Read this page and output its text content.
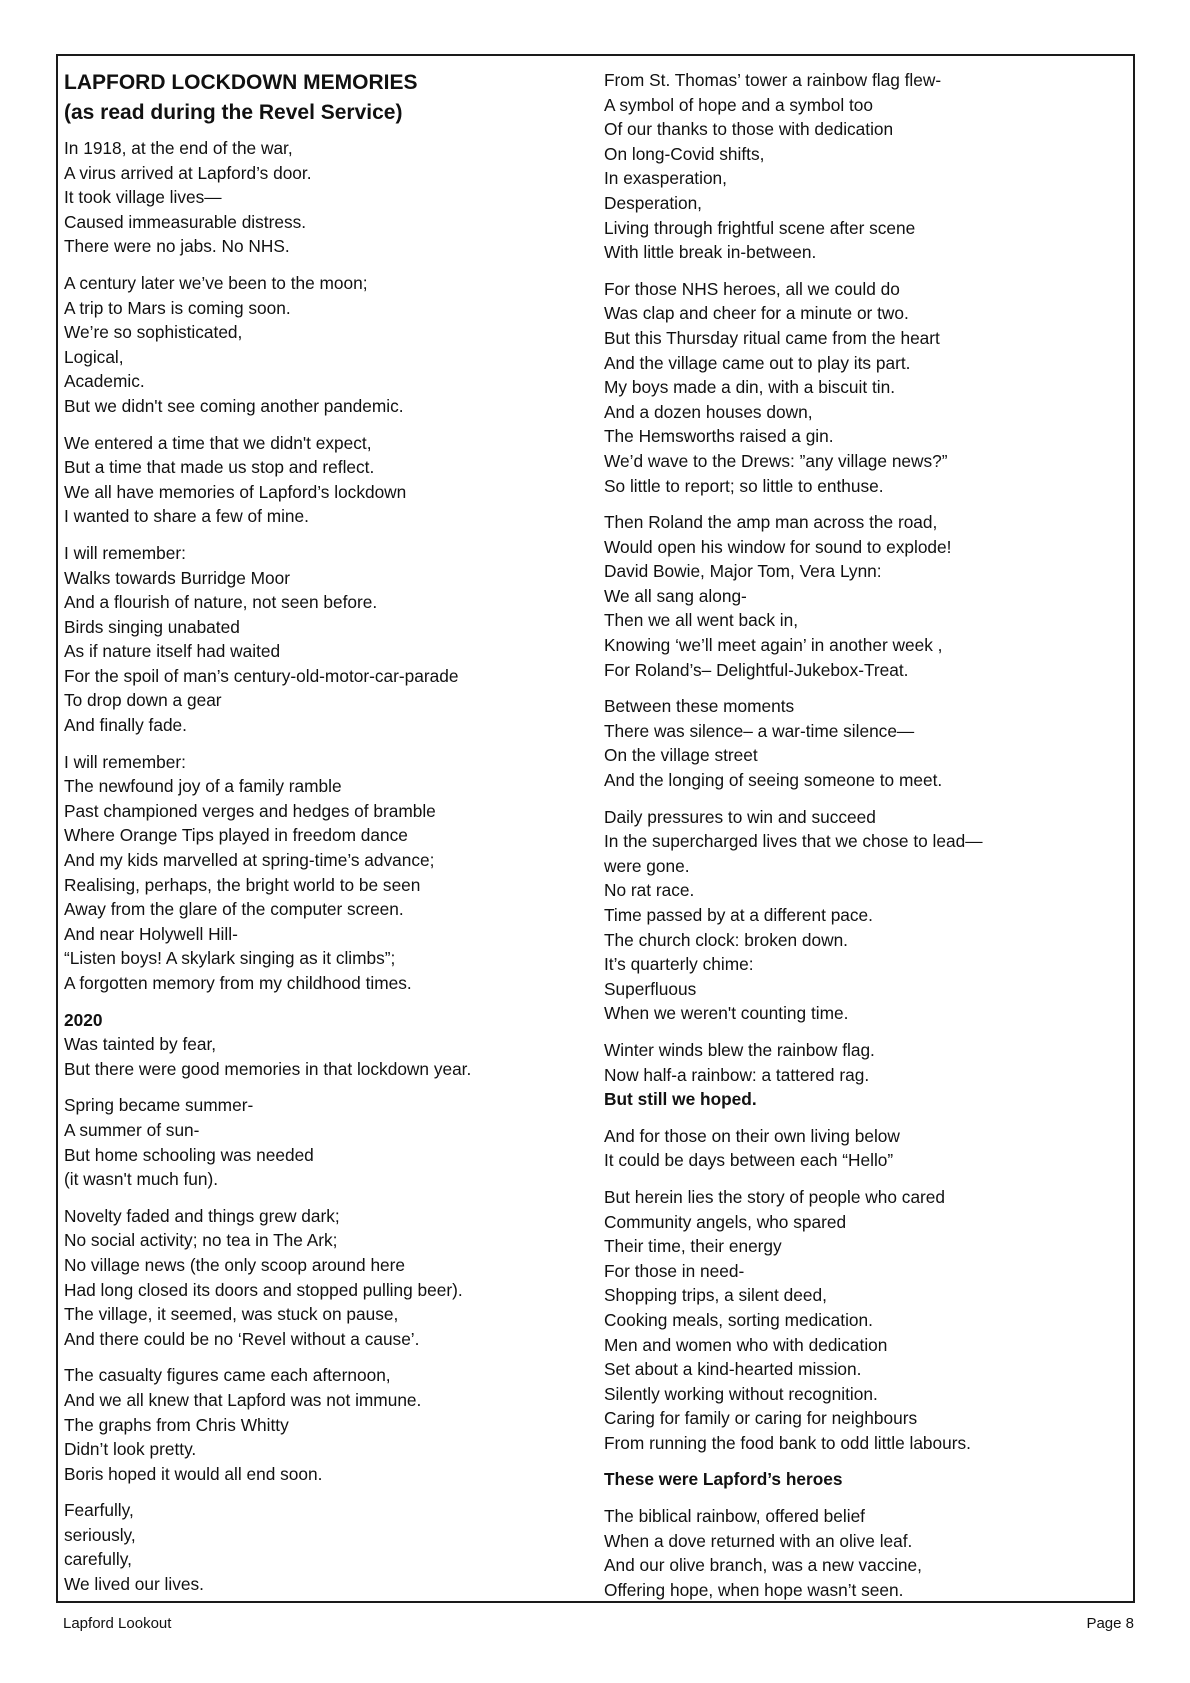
LAPFORD LOCKDOWN MEMORIES
(as read during the Revel Service)
In 1918, at the end of the war,
A virus arrived at Lapford’s door.
It took village lives—
Caused immeasurable distress.
There were no jabs. No NHS.
A century later we’ve been to the moon;
A trip to Mars is coming soon.
We’re so sophisticated,
Logical,
Academic.
But we didn't see coming another pandemic.
We entered a time that we didn't expect,
But a time that made us stop and reflect.
We all have memories of Lapford’s lockdown
I wanted to share a few of mine.
I will remember:
Walks towards Burridge Moor
And a flourish of nature, not seen before.
Birds singing unabated
As if nature itself had waited
For the spoil of man’s century-old-motor-car-parade
To drop down a gear
And finally fade.
I will remember:
The newfound joy of a family ramble
Past championed verges and hedges of bramble
Where Orange Tips played in freedom dance
And my kids marvelled at spring-time’s advance;
Realising, perhaps, the bright world to be seen
Away from the glare of the computer screen.
And near Holywell Hill-
“Listen boys! A skylark singing as it climbs”;
A forgotten memory from my childhood times.
2020
Was tainted by fear,
But there were good memories in that lockdown year.
Spring became summer-
A summer of sun-
But home schooling was needed
(it wasn't much fun).
Novelty faded and things grew dark;
No social activity; no tea in The Ark;
No village news (the only scoop around here
Had long closed its doors and stopped pulling beer).
The village, it seemed, was stuck on pause,
And there could be no ‘Revel without a cause’.
The casualty figures came each afternoon,
And we all knew that Lapford was not immune.
The graphs from Chris Whitty
Didn’t look pretty.
Boris hoped it would all end soon.
Fearfully,
seriously,
carefully,
We lived our lives.
From St. Thomas’ tower a rainbow flag flew-
A symbol of hope and a symbol too
Of our thanks to those with dedication
On long-Covid shifts,
In exasperation,
Desperation,
Living through frightful scene after scene
With little break in-between.
For those NHS heroes, all we could do
Was clap and cheer for a minute or two.
But this Thursday ritual came from the heart
And the village came out to play its part.
My boys made a din, with a biscuit tin.
And a dozen houses down,
The Hemsworths raised a gin.
We’d wave to the Drews: ”any village news?”
So little to report; so little to enthuse.
Then Roland the amp man across the road,
Would open his window for sound to explode!
David Bowie, Major Tom, Vera Lynn:
We all sang along-
Then we all went back in,
Knowing ‘we’ll meet again’ in another week ,
For Roland’s– Delightful-Jukebox-Treat.
Between these moments
There was silence– a war-time silence—
On the village street
And the longing of seeing someone to meet.
Daily pressures to win and succeed
In the supercharged lives that we chose to lead—
were gone.
No rat race.
Time passed by at a different pace.
The church clock: broken down.
It’s quarterly chime:
Superfluous
When we weren't counting time.
Winter winds blew the rainbow flag.
Now half-a rainbow: a tattered rag.
But still we hoped.
And for those on their own living below
It could be days between each “Hello”
But herein lies the story of people who cared
Community angels, who spared
Their time, their energy
For those in need-
Shopping trips, a silent deed,
Cooking meals, sorting medication.
Men and women who with dedication
Set about a kind-hearted mission.
Silently working without recognition.
Caring for family or caring for neighbours
From running the food bank to odd little labours.
These were Lapford’s heroes
The biblical rainbow, offered belief
When a dove returned with an olive leaf.
And our olive branch, was a new vaccine,
Offering hope, when hope wasn’t seen.
Lapford Lookout	Page 8
